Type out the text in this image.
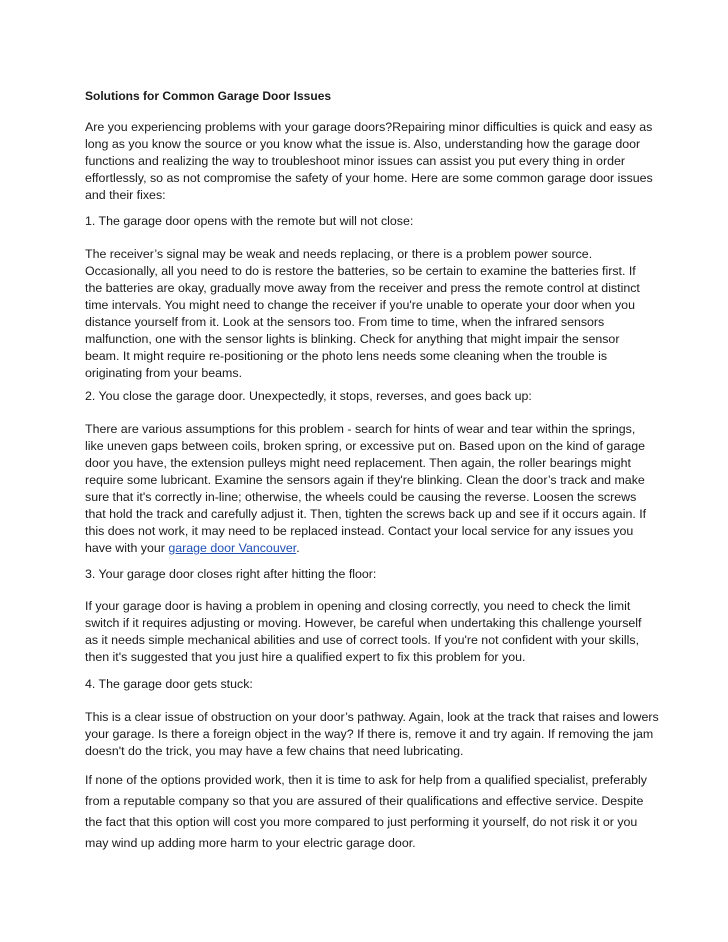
Solutions for Common Garage Door Issues
Are you experiencing problems with your garage doors?Repairing minor difficulties is quick and easy as
long as you know the source or you know what the issue is. Also, understanding how the garage door
functions and realizing the way to troubleshoot minor issues can assist you put every thing in order
effortlessly, so as not compromise the safety of your home. Here are some common garage door issues
and their fixes:
1. The garage door opens with the remote but will not close:
The receiver’s signal may be weak and needs replacing, or there is a problem power source.
Occasionally, all you need to do is restore the batteries, so be certain to examine the batteries first. If
the batteries are okay, gradually move away from the receiver and press the remote control at distinct
time intervals. You might need to change the receiver if you're unable to operate your door when you
distance yourself from it. Look at the sensors too. From time to time, when the infrared sensors
malfunction, one with the sensor lights is blinking. Check for anything that might impair the sensor
beam. It might require re-positioning or the photo lens needs some cleaning when the trouble is
originating from your beams.
2. You close the garage door. Unexpectedly, it stops, reverses, and goes back up:
There are various assumptions for this problem - search for hints of wear and tear within the springs,
like uneven gaps between coils, broken spring, or excessive put on. Based upon on the kind of garage
door you have, the extension pulleys might need replacement. Then again, the roller bearings might
require some lubricant. Examine the sensors again if they're blinking. Clean the door’s track and make
sure that it's correctly in-line; otherwise, the wheels could be causing the reverse. Loosen the screws
that hold the track and carefully adjust it. Then, tighten the screws back up and see if it occurs again. If
this does not work, it may need to be replaced instead. Contact your local service for any issues you
have with your garage door Vancouver.
3. Your garage door closes right after hitting the floor:
If your garage door is having a problem in opening and closing correctly, you need to check the limit
switch if it requires adjusting or moving. However, be careful when undertaking this challenge yourself
as it needs simple mechanical abilities and use of correct tools. If you're not confident with your skills,
then it's suggested that you just hire a qualified expert to fix this problem for you.
4. The garage door gets stuck:
This is a clear issue of obstruction on your door’s pathway. Again, look at the track that raises and lowers
your garage. Is there a foreign object in the way? If there is, remove it and try again. If removing the jam
doesn't do the trick, you may have a few chains that need lubricating.
If none of the options provided work, then it is time to ask for help from a qualified specialist, preferably
from a reputable company so that you are assured of their qualifications and effective service. Despite
the fact that this option will cost you more compared to just performing it yourself, do not risk it or you
may wind up adding more harm to your electric garage door.
